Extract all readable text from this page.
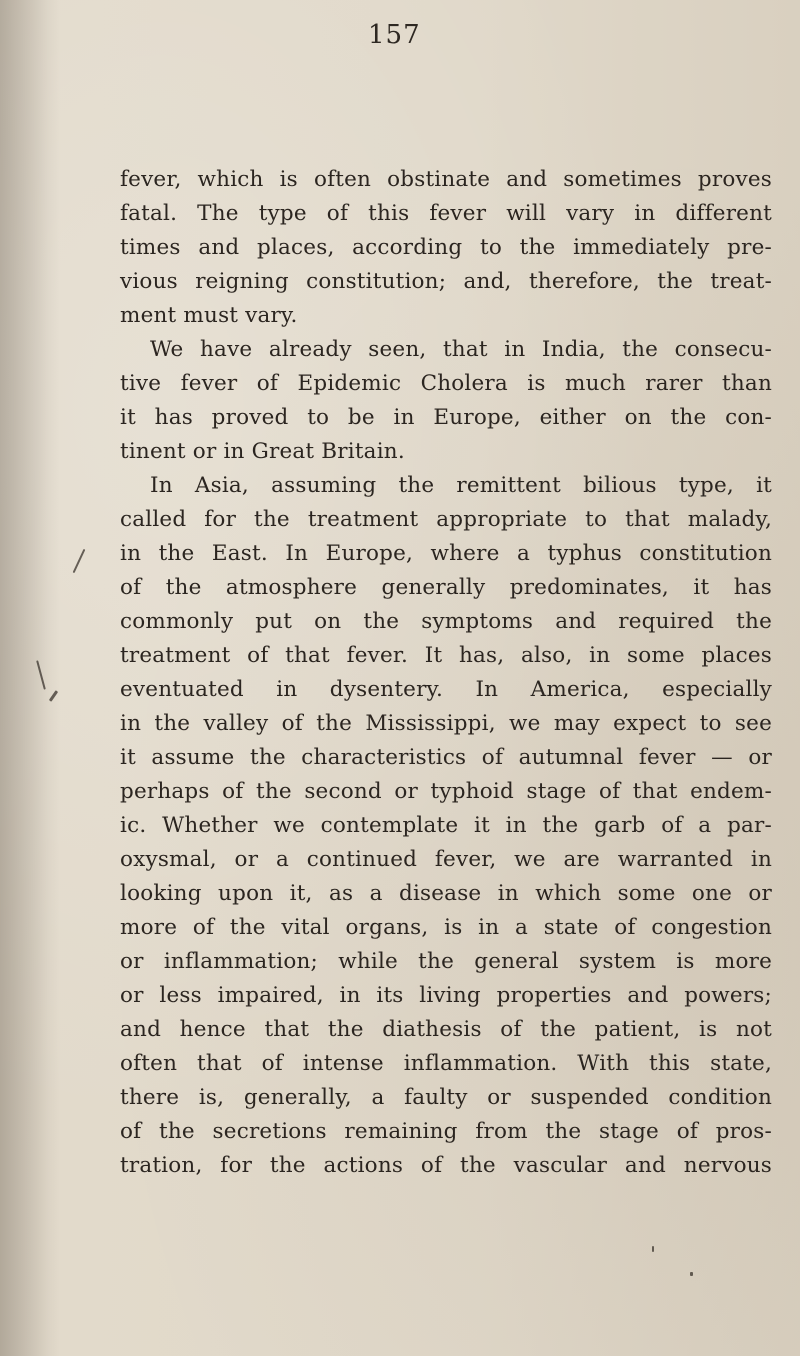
157
fever, which is often obstinate and sometimes proves
fatal. The type of this fever will vary in different
times and places, according to the immediately pre-
vious reigning constitution; and, therefore, the treat-
ment must vary.
We have already seen, that in India, the consecu-
tive fever of Epidemic Cholera is much rarer than
it has proved to be in Europe, either on the con-
tinent or in Great Britain.
In Asia, assuming the remittent bilious type, it
called for the treatment appropriate to that malady,
in the East. In Europe, where a typhus constitution
of the atmosphere generally predominates, it has
commonly put on the symptoms and required the
treatment of that fever. It has, also, in some places
eventuated in dysentery. In America, especially
in the valley of the Mississippi, we may expect to see
it assume the characteristics of autumnal fever — or
perhaps of the second or typhoid stage of that endem-
ic. Whether we contemplate it in the garb of a par-
oxysmal, or a continued fever, we are warranted in
looking upon it, as a disease in which some one or
more of the vital organs, is in a state of congestion
or inflammation; while the general system is more
or less impaired, in its living properties and powers;
and hence that the diathesis of the patient, is not
often that of intense inflammation. With this state,
there is, generally, a faulty or suspended condition
of the secretions remaining from the stage of pros-
tration, for the actions of the vascular and nervous
